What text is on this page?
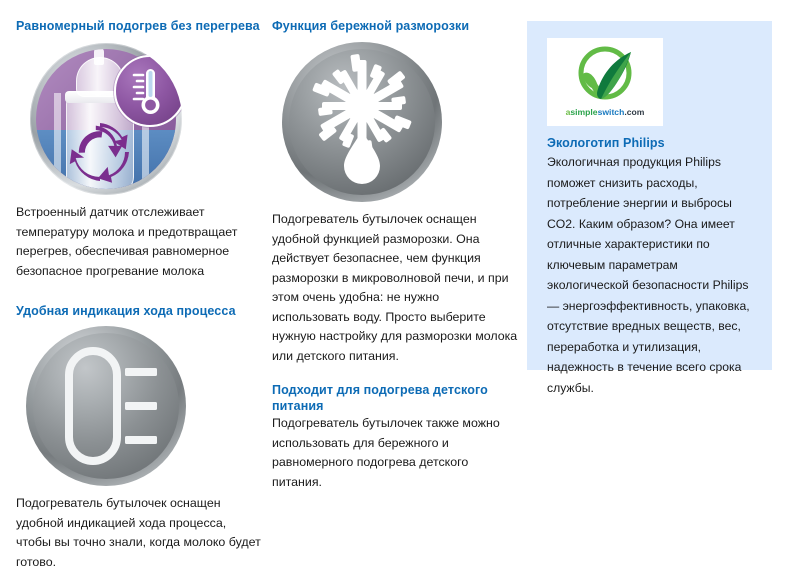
Равномерный подогрев без перегрева
Встроенный датчик отслеживает температуру молока и предотвращает перегрев, обеспечивая равномерное безопасное прогревание молока
Удобная индикация хода процесса
Подогреватель бутылочек оснащен удобной индикацией хода процесса, чтобы вы точно знали, когда молоко будет готово.
Функция бережной разморозки
Подогреватель бутылочек оснащен удобной функцией разморозки. Она действует безопаснее, чем функция разморозки в микроволновой печи, и при этом очень удобна: не нужно использовать воду. Просто выберите нужную настройку для разморозки молока или детского питания.
Подходит для подогрева детского питания
Подогреватель бутылочек также можно использовать для бережного и равномерного подогрева детского питания.
asimpleswitch.com
Экологотип Philips
Экологичная продукция Philips поможет снизить расходы, потребление энергии и выбросы CO2. Каким образом? Она имеет отличные характеристики по ключевым параметрам экологической безопасности Philips — энергоэффективность, упаковка, отсутствие вредных веществ, вес, переработка и утилизация, надежность в течение всего срока службы.
